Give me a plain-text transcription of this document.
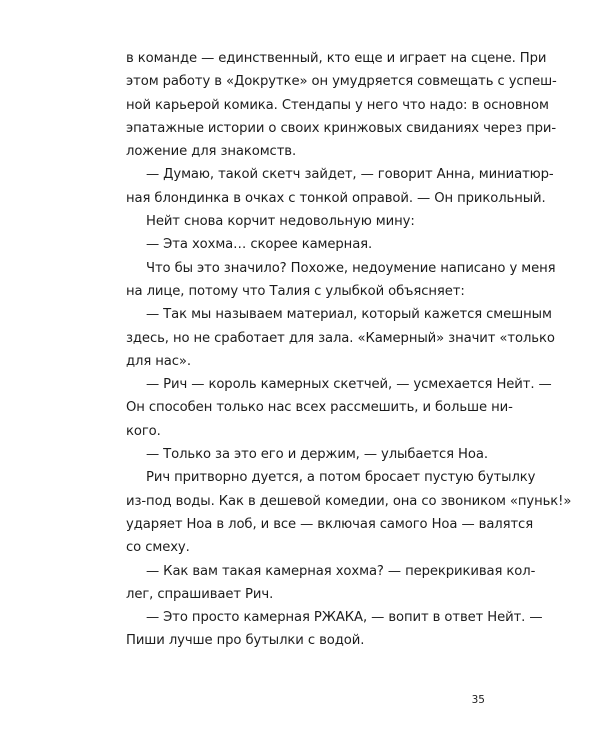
в команде — единственный, кто еще и играет на сцене. При
этом работу в «Докрутке» он умудряется совмещать с успеш-
ной карьерой комика. Стендапы у него что надо: в основном
эпатажные истории о своих кринжовых свиданиях через при-
ложение для знакомств.
— Думаю, такой скетч зайдет, — говорит Анна, миниатюр-
ная блондинка в очках с тонкой оправой. — Он прикольный.
Нейт снова корчит недовольную мину:
— Эта хохма… скорее камерная.
Что бы это значило? Похоже, недоумение написано у меня
на лице, потому что Талия с улыбкой объясняет:
— Так мы называем материал, который кажется смешным
здесь, но не сработает для зала. «Камерный» значит «только
для нас».
— Рич — король камерных скетчей, — усмехается Нейт. —
Он способен только нас всех рассмешить, и больше ни-
кого.
— Только за это его и держим, — улыбается Ноа.
Рич притворно дуется, а потом бросает пустую бутылку
из-под воды. Как в дешевой комедии, она со звоником «пуньк!»
ударяет Ноа в лоб, и все — включая самого Ноа — валятся
со смеху.
— Как вам такая камерная хохма? — перекрикивая кол-
лег, спрашивает Рич.
— Это просто камерная РЖАКА, — вопит в ответ Нейт. —
Пиши лучше про бутылки с водой.
35
